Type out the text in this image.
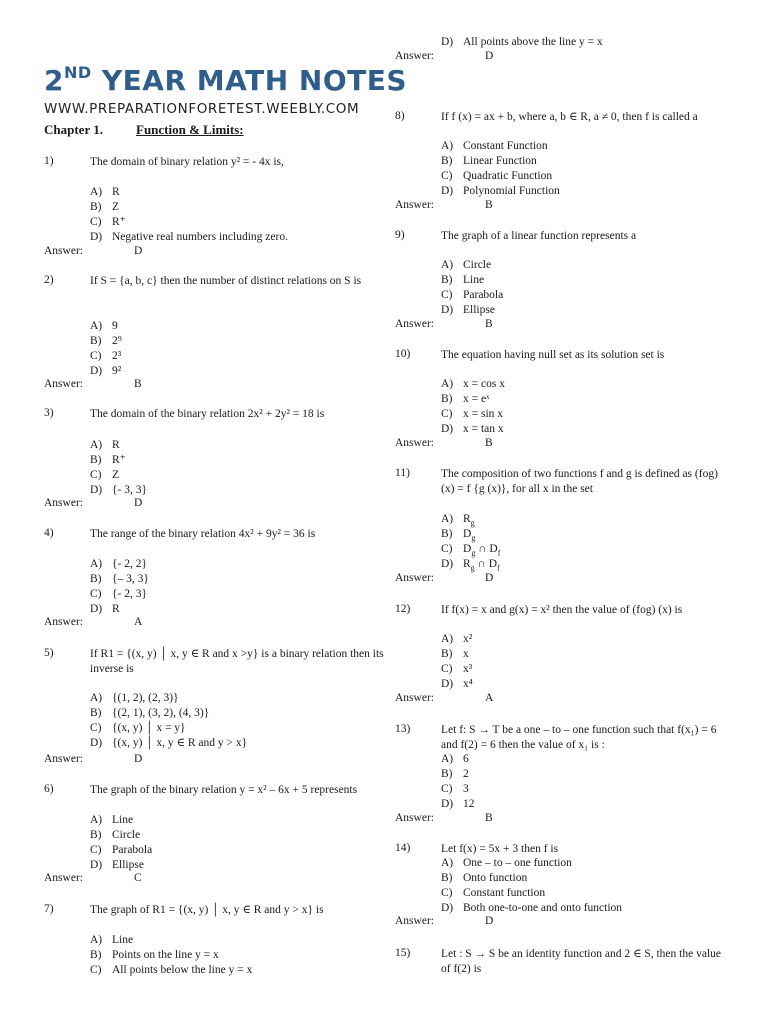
2ND YEAR MATH NOTES
WWW.PREPARATIONFORETEST.WEEBLY.COM
Chapter 1.	Function & Limits:
1)	The domain of binary relation y² = - 4x is,
A) R
B) Z
C) R⁺
D) Negative real numbers including zero.
Answer:	D
2)	If S = {a, b, c} then the number of distinct relations on S is
A) 9
B) 2⁹
C) 2³
D) 9²
Answer:	B
3)	The domain of the binary relation 2x² + 2y² = 18 is
A) R
B) R⁺
C) Z
D) {- 3, 3}
Answer:	D
4)	The range of the binary relation 4x² + 9y² = 36 is
A) {- 2, 2}
B) {– 3, 3}
C) {- 2, 3}
D) R
Answer:	A
5)	If R1 = {(x, y) │ x, y ∈ R and x >y} is a binary relation then its inverse is
A) {(1, 2), (2, 3)}
B) {(2, 1), (3, 2), (4, 3)}
C) {(x, y) │ x = y}
D) {(x, y) │ x, y ∈ R and y > x}
Answer:	D
6)	The graph of the binary relation y = x² – 6x + 5 represents
A) Line
B) Circle
C) Parabola
D) Ellipse
Answer:	C
7)	The graph of R1 = {(x, y) │ x, y ∈ R and y > x} is
A) Line
B) Points on the line y = x
C) All points below the line y = x
D) All points above the line y = x
Answer:	D
8)	If f (x) = ax + b, where a, b ∈ R, a ≠ 0, then f is called a
A) Constant Function
B) Linear Function
C) Quadratic Function
D) Polynomial Function
Answer:	B
9)	The graph of a linear function represents a
A) Circle
B) Line
C) Parabola
D) Ellipse
Answer:	B
10)	The equation having null set as its solution set is
A) x = cos x
B) x = eˣ
C) x = sin x
D) x = tan x
Answer:	B
11)	The composition of two functions f and g is defined as (fog) (x) = f {g (x)}, for all x in the set
A) $R_g$
B) $D_g$
C) $D_g$ ∩ $D_f$
D) $R_g$ ∩ $D_f$
Answer:	D
12)	If f(x) = x and g(x) = x² then the value of (fog) (x) is
A) x²
B) x
C) x³
D) x⁴
Answer:	A
13)	Let f: S → T be a one – to – one function such that f(x₁) = 6 and f(2) = 6 then the value of x₁ is :
A) 6
B) 2
C) 3
D) 12
Answer:	B
14)	Let f(x) = 5x + 3 then f is
A) One – to – one function
B) Onto function
C) Constant function
D) Both one-to-one and onto function
Answer:	D
15)	Let : S → S be an identity function and 2 ∈ S, then the value of f(2) is
